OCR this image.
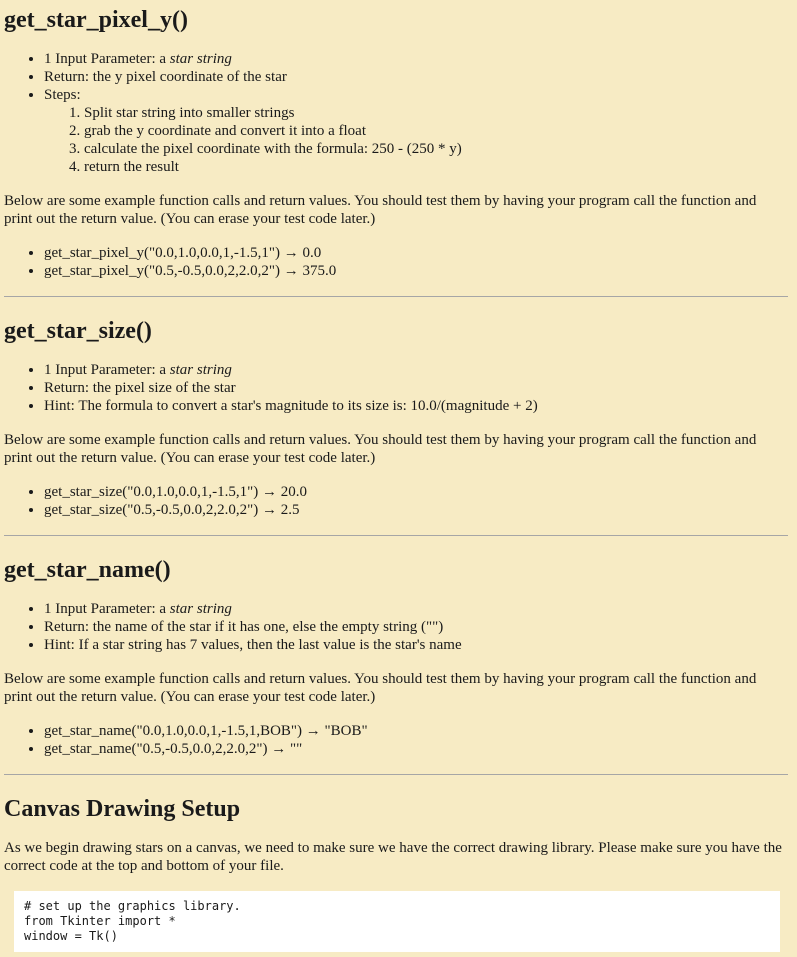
get_star_pixel_y()
• 1 Input Parameter: a star string
• Return: the y pixel coordinate of the star
• Steps:
1. Split star string into smaller strings
2. grab the y coordinate and convert it into a float
3. calculate the pixel coordinate with the formula: 250 - (250 * y)
4. return the result

Below are some example function calls and return values. You should test them by having your program call the function and print out the return value. (You can erase your test code later.)

• get_star_pixel_y("0.0,1.0,0.0,1,-1.5,1") → 0.0
• get_star_pixel_y("0.5,-0.5,0.0,2,2.0,2") → 375.0
get_star_size()
• 1 Input Parameter: a star string
• Return: the pixel size of the star
• Hint: The formula to convert a star's magnitude to its size is: 10.0/(magnitude + 2)

Below are some example function calls and return values. You should test them by having your program call the function and print out the return value. (You can erase your test code later.)

• get_star_size("0.0,1.0,0.0,1,-1.5,1") → 20.0
• get_star_size("0.5,-0.5,0.0,2,2.0,2") → 2.5
get_star_name()
• 1 Input Parameter: a star string
• Return: the name of the star if it has one, else the empty string ("")
• Hint: If a star string has 7 values, then the last value is the star's name

Below are some example function calls and return values. You should test them by having your program call the function and print out the return value. (You can erase your test code later.)

• get_star_name("0.0,1.0,0.0,1,-1.5,1,BOB") → "BOB"
• get_star_name("0.5,-0.5,0.0,2,2.0,2") → ""
Canvas Drawing Setup

As we begin drawing stars on a canvas, we need to make sure we have the correct drawing library. Please make sure you have the correct code at the top and bottom of your file.

# set up the graphics library.
from Tkinter import *
window = Tk()
